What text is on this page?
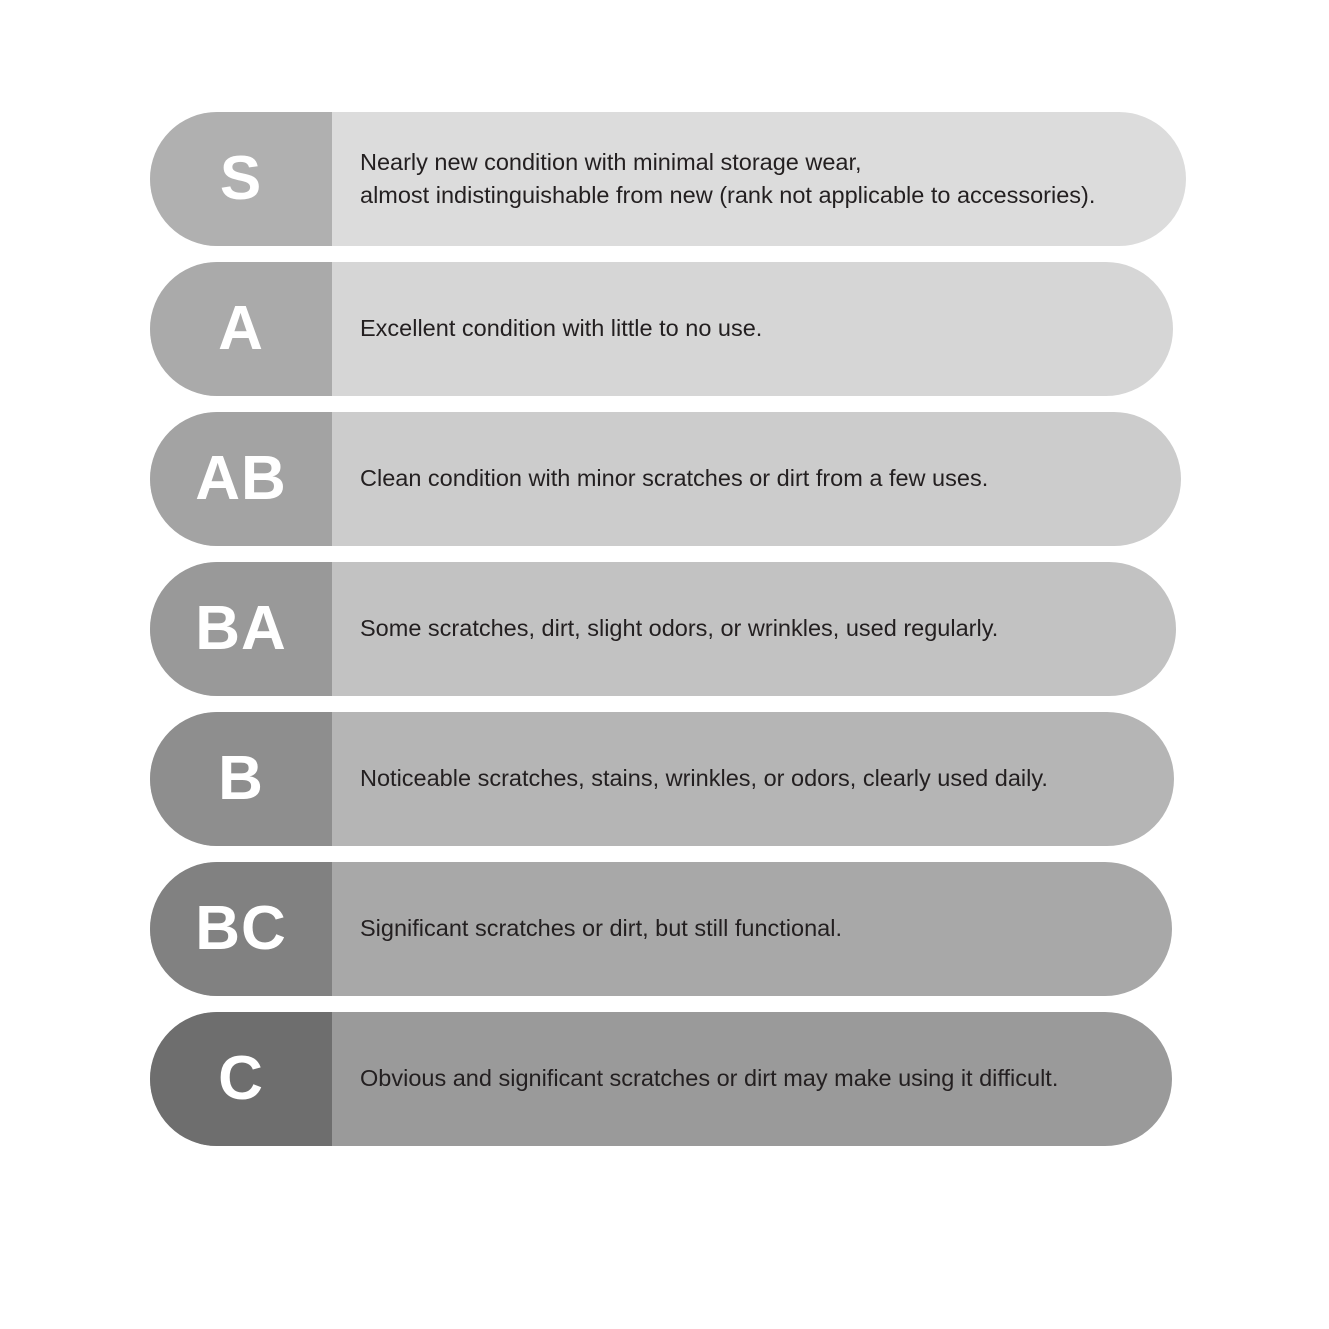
S	Nearly new condition with minimal storage wear,
almost indistinguishable from new (rank not applicable to accessories).
A	Excellent condition with little to no use.
AB	Clean condition with minor scratches or dirt from a few uses.
BA	Some scratches, dirt, slight odors, or wrinkles, used regularly.
B	Noticeable scratches, stains, wrinkles, or odors, clearly used daily.
BC	Significant scratches or dirt, but still functional.
C	Obvious and significant scratches or dirt may make using it difficult.
